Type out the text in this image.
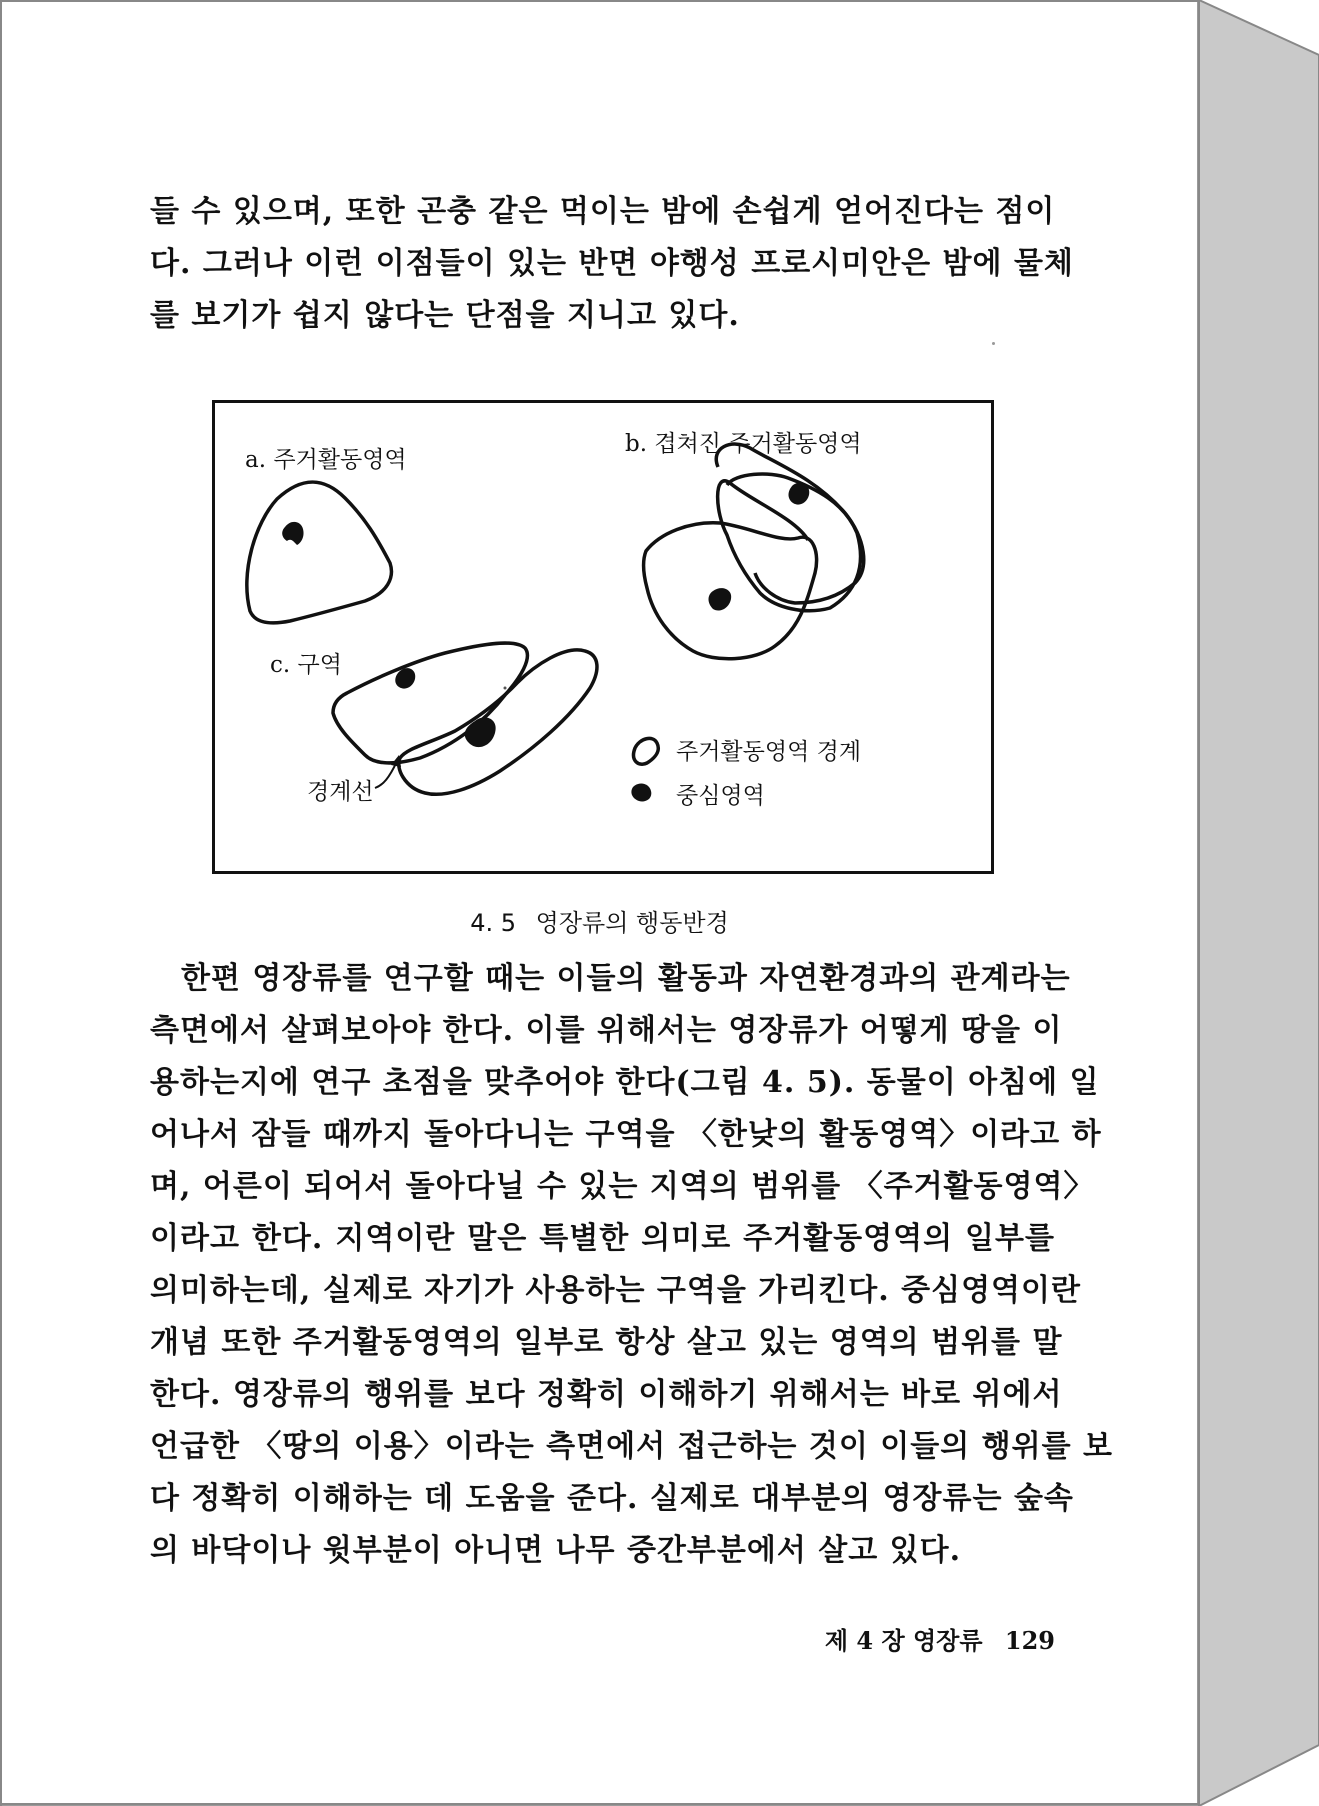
들 수 있으며, 또한 곤충 같은 먹이는 밤에 손쉽게 얻어진다는 점이
다. 그러나 이런 이점들이 있는 반면 야행성 프로시미안은 밤에 물체
를 보기가 쉽지 않다는 단점을 지니고 있다.
a. 주거활동영역
b. 겹쳐진 주거활동영역
c. 구역
경계선
주거활동영역 경계
중심영역
4. 5 영장류의 행동반경
　한편 영장류를 연구할 때는 이들의 활동과 자연환경과의 관계라는
측면에서 살펴보아야 한다. 이를 위해서는 영장류가 어떻게 땅을 이
용하는지에 연구 초점을 맞추어야 한다(그림 4. 5). 동물이 아침에 일
어나서 잠들 때까지 돌아다니는 구역을 〈한낮의 활동영역〉이라고 하
며, 어른이 되어서 돌아다닐 수 있는 지역의 범위를 〈주거활동영역〉
이라고 한다. 지역이란 말은 특별한 의미로 주거활동영역의 일부를
의미하는데, 실제로 자기가 사용하는 구역을 가리킨다. 중심영역이란
개념 또한 주거활동영역의 일부로 항상 살고 있는 영역의 범위를 말
한다. 영장류의 행위를 보다 정확히 이해하기 위해서는 바로 위에서
언급한 〈땅의 이용〉이라는 측면에서 접근하는 것이 이들의 행위를 보
다 정확히 이해하는 데 도움을 준다. 실제로 대부분의 영장류는 숲속
의 바닥이나 윗부분이 아니면 나무 중간부분에서 살고 있다.
제 4 장 영장류 129
